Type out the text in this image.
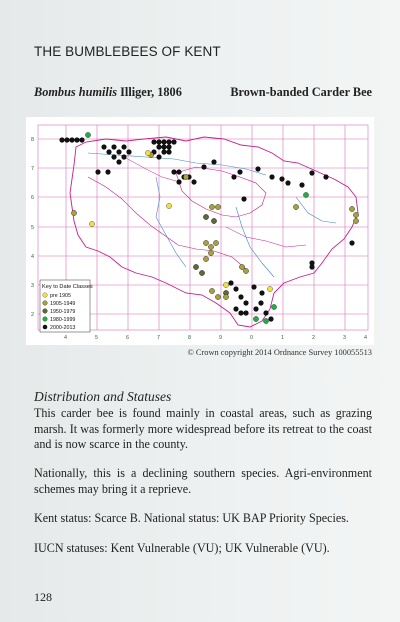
THE BUMBLEBEES OF KENT
Bombus humilis Illiger, 1806	Brown-banded Carder Bee
4	5	6	7	8	9	0	1	2	3	4
8
7
6
5
4
3
2
Key to Date Classes
pre 1905
1905-1949
1950-1979
1980-1999
2000-2013
© Crown copyright 2014 Ordnance Survey 100055513
Distribution and Statuses
This carder bee is found mainly in coastal areas, such as grazing marsh. It was formerly more widespread before its retreat to the coast and is now scarce in the county.
Nationally, this is a declining southern species. Agri-environment schemes may bring it a reprieve.
Kent status: Scarce B. National status: UK BAP Priority Species.
IUCN statuses: Kent Vulnerable (VU); UK Vulnerable (VU).
128
